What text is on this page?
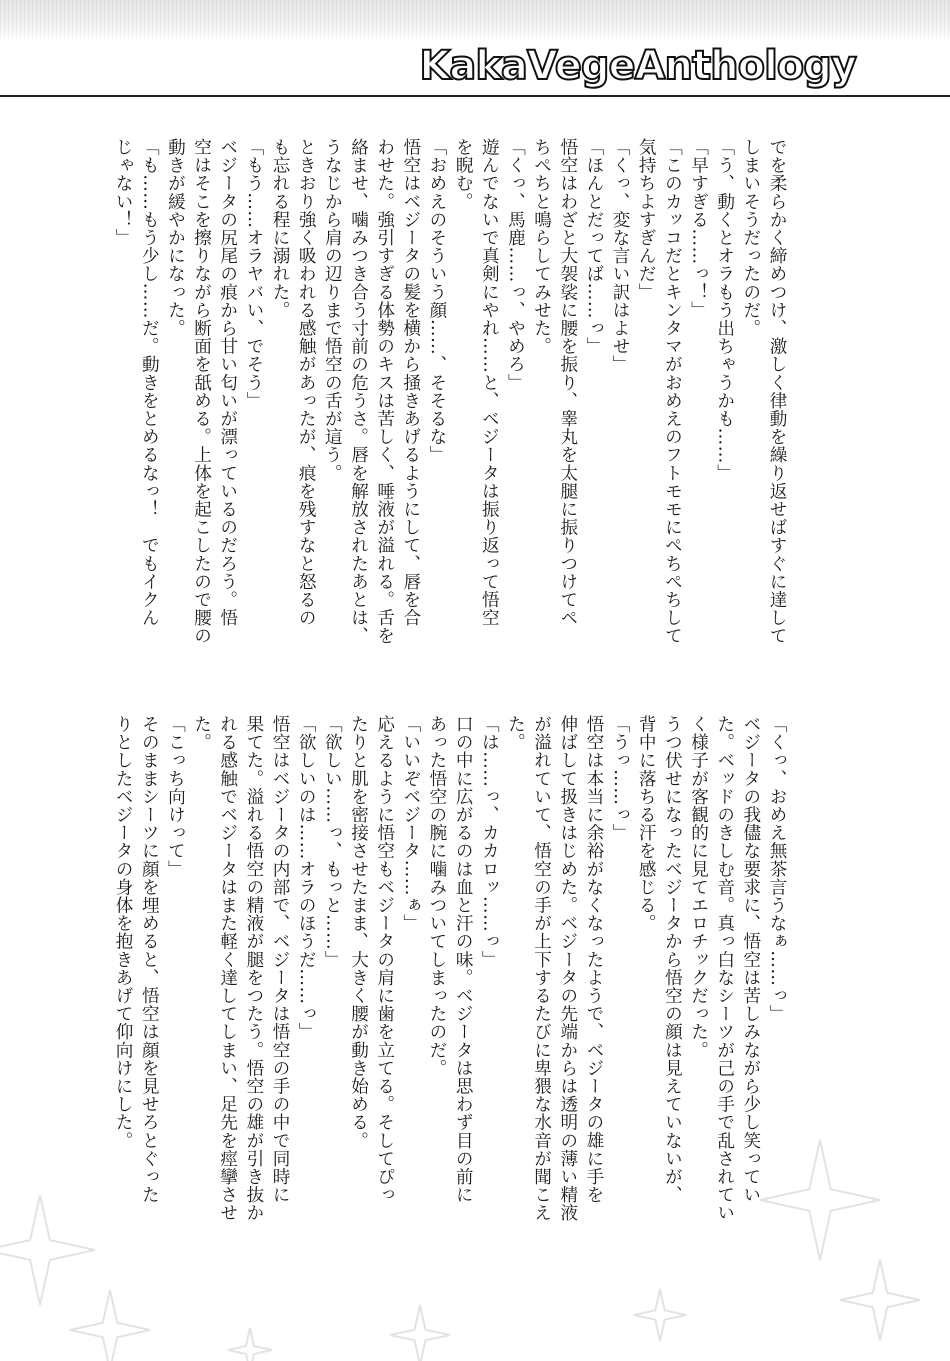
KakaVegeAnthology
でを柔らかく締めつけ、激しく律動を繰り返せばすぐに達して
しまいそうだったのだ。
「う、動くとオラもう出ちゃうかも……」
「早すぎる……っ！」
「このカッコだとキンタマがおめえのフトモモにぺちぺちして
気持ちよすぎんだ」
「くっ、変な言い訳はよせ」
「ほんとだってば……っ」
悟空はわざと大袈裟に腰を振り、睾丸を太腿に振りつけてペ
ちぺちと鳴らしてみせた。
「くっ、馬鹿……っ、やめろ」
遊んでないで真剣にやれ……と、ベジータは振り返って悟空
を睨む。
「おめえのそういう顔……、そそるな」
悟空はベジータの髪を横から掻きあげるようにして、唇を合
わせた。強引すぎる体勢のキスは苦しく、唾液が溢れる。舌を
絡ませ、噛みつき合う寸前の危うさ。唇を解放されたあとは、
うなじから肩の辺りまで悟空の舌が這う。
ときおり強く吸われる感触があったが、痕を残すなと怒るの
も忘れる程に溺れた。
「もう……オラヤバい、でそう」
ベジータの尻尾の痕から甘い匂いが漂っているのだろう。悟
空はそこを擦りながら断面を舐める。上体を起こしたので腰の
動きが緩やかになった。
「も……もう少し……だ。動きをとめるなっ！　でもイクん
じゃない！」
「くっ、おめえ無茶言うなぁ……っ」
ベジータの我儘な要求に、悟空は苦しみながら少し笑ってい
た。ベッドのきしむ音。真っ白なシーツが己の手で乱されてい
く様子が客観的に見てエロチックだった。
うつ伏せになったベジータから悟空の顔は見えていないが、
背中に落ちる汗を感じる。
「うっ……っ」
悟空は本当に余裕がなくなったようで、ベジータの雄に手を
伸ばして扱きはじめた。ベジータの先端からは透明の薄い精液
が溢れていて、悟空の手が上下するたびに卑猥な水音が聞こえ
た。
「は……っ、カカロッ……っ」
口の中に広がるのは血と汗の味。ベジータは思わず目の前に
あった悟空の腕に噛みついてしまったのだ。
「いいぞベジータ……ぁ」
応えるように悟空もベジータの肩に歯を立てる。そしてぴっ
たりと肌を密接させたまま、大きく腰が動き始める。
「欲しい……っ、もっと……」
「欲しいのは……オラのほうだ……っ」
悟空はベジータの内部で、ベジータは悟空の手の中で同時に
果てた。溢れる悟空の精液が腿をつたう。悟空の雄が引き抜か
れる感触でベジータはまた軽く達してしまい、足先を痙攣させ
た。
「こっち向けって」
そのままシーツに顔を埋めると、悟空は顔を見せろとぐった
りとしたベジータの身体を抱きあげて仰向けにした。
